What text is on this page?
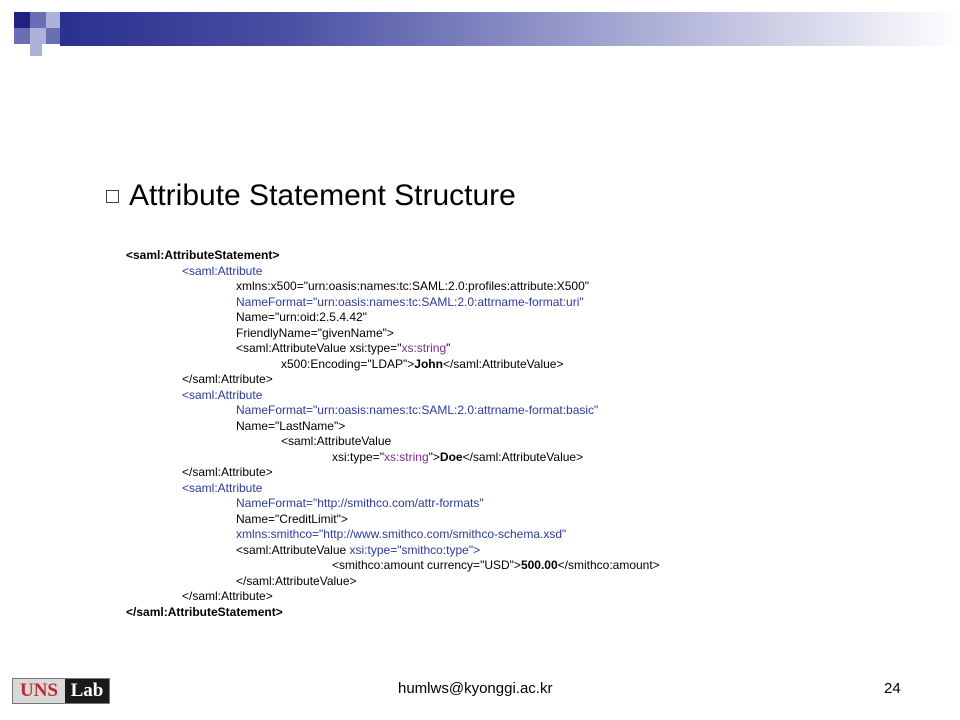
Attribute Statement Structure
<saml:AttributeStatement>
<saml:Attribute
xmlns:x500="urn:oasis:names:tc:SAML:2.0:profiles:attribute:X500"
NameFormat="urn:oasis:names:tc:SAML:2.0:attrname-format:uri"
Name="urn:oid:2.5.4.42"
FriendlyName="givenName">
<saml:AttributeValue xsi:type="xs:string"
x500:Encoding="LDAP">John</saml:AttributeValue>
</saml:Attribute>
<saml:Attribute
NameFormat="urn:oasis:names:tc:SAML:2.0:attrname-format:basic"
Name="LastName">
<saml:AttributeValue
xsi:type="xs:string">Doe</saml:AttributeValue>
</saml:Attribute>
<saml:Attribute
NameFormat="http://smithco.com/attr-formats"
Name="CreditLimit">
xmlns:smithco="http://www.smithco.com/smithco-schema.xsd"
<saml:AttributeValue xsi:type="smithco:type">
<smithco:amount currency="USD">500.00</smithco:amount>
</saml:AttributeValue>
</saml:Attribute>
</saml:AttributeStatement>
UNS Lab	humlws@kyonggi.ac.kr	24
